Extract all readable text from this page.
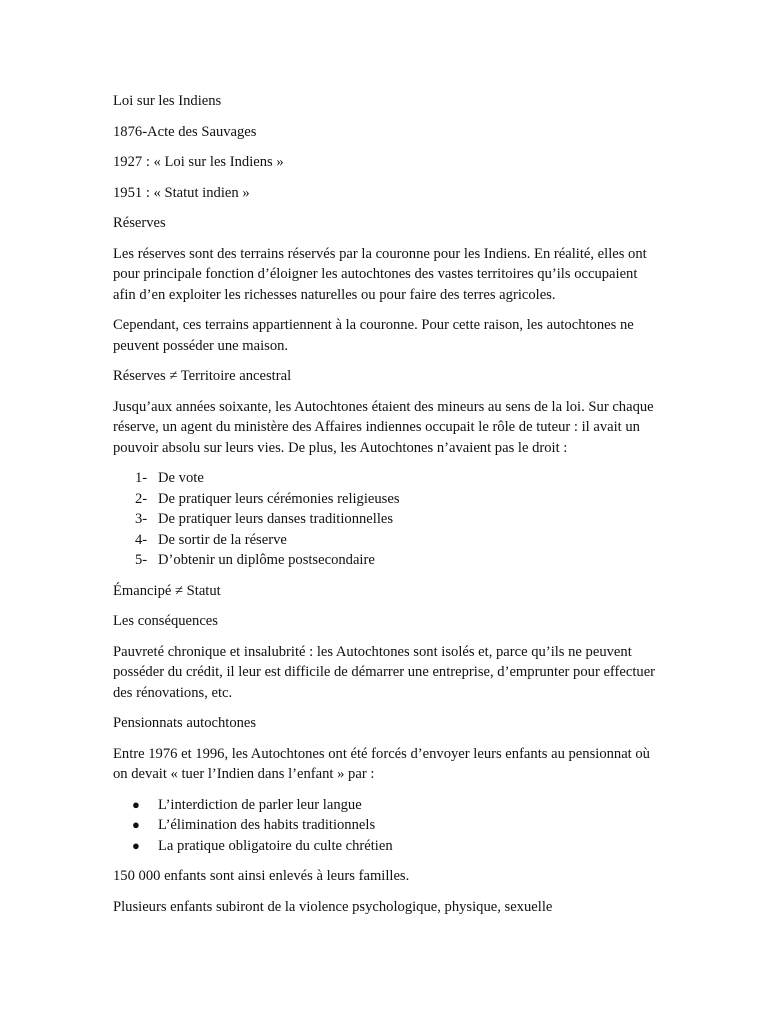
Loi sur les Indiens

1876-Acte des Sauvages

1927 : « Loi sur les Indiens »

1951 : « Statut indien »

Réserves

Les réserves sont des terrains réservés par la couronne pour les Indiens. En réalité, elles ont pour principale fonction d’éloigner les autochtones des vastes territoires qu’ils occupaient afin d’en exploiter les richesses naturelles ou pour faire des terres agricoles.

Cependant, ces terrains appartiennent à la couronne. Pour cette raison, les autochtones ne peuvent posséder une maison.

Réserves ≠ Territoire ancestral

Jusqu’aux années soixante, les Autochtones étaient des mineurs au sens de la loi. Sur chaque réserve, un agent du ministère des Affaires indiennes occupait le rôle de tuteur : il avait un pouvoir absolu sur leurs vies. De plus, les Autochtones n’avaient pas le droit :

1- De vote
2- De pratiquer leurs cérémonies religieuses
3- De pratiquer leurs danses traditionnelles
4- De sortir de la réserve
5- D’obtenir un diplôme postsecondaire

Émancipé ≠ Statut

Les conséquences

Pauvreté chronique et insalubrité : les Autochtones sont isolés et, parce qu’ils ne peuvent posséder du crédit, il leur est difficile de démarrer une entreprise, d’emprunter pour effectuer des rénovations, etc.

Pensionnats autochtones

Entre 1976 et 1996, les Autochtones ont été forcés d’envoyer leurs enfants au pensionnat où on devait « tuer l’Indien dans l’enfant » par :

● L’interdiction de parler leur langue
● L’élimination des habits traditionnels
● La pratique obligatoire du culte chrétien

150 000 enfants sont ainsi enlevés à leurs familles.

Plusieurs enfants subiront de la violence psychologique, physique, sexuelle
